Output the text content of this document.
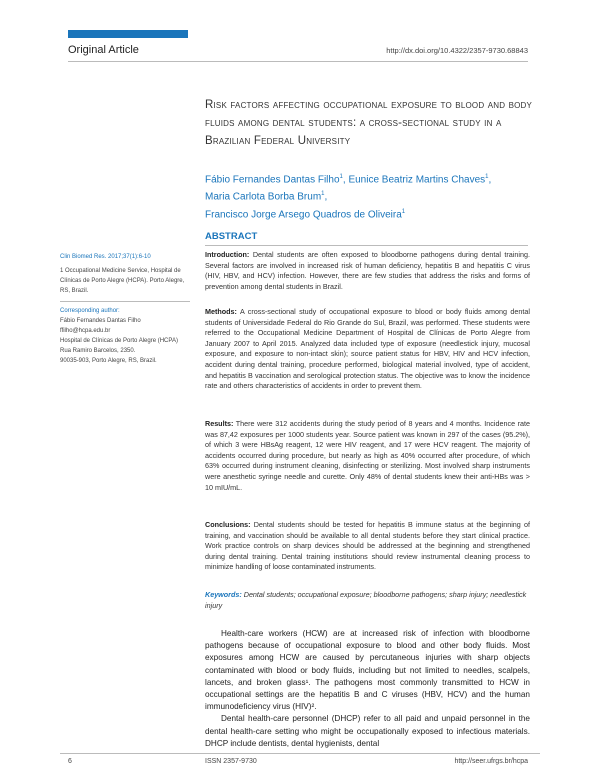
Original Article	http://dx.doi.org/10.4322/2357-9730.68843
Risk factors affecting occupational exposure to blood and body fluids among dental students: a cross-sectional study in a Brazilian Federal University
Fábio Fernandes Dantas Filho$^1$, Eunice Beatriz Martins Chaves$^1$,
Maria Carlota Borba Brum$^1$,
Francisco Jorge Arsego Quadros de Oliveira$^1$
Clin Biomed Res. 2017;37(1):6-10
1 Occupational Medicine Service, Hospital de Clínicas de Porto Alegre (HCPA). Porto Alegre, RS, Brazil.
Corresponding author:
Fábio Fernandes Dantas Filho
ffilho@hcpa.edu.br
Hospital de Clínicas de Porto Alegre (HCPA)
Rua Ramiro Barcelos, 2350.
90035-903, Porto Alegre, RS, Brazil.
ABSTRACT
Introduction: Dental students are often exposed to bloodborne pathogens during dental training. Several factors are involved in increased risk of human deficiency, hepatitis B and hepatitis C virus (HIV, HBV, and HCV) infection. However, there are few studies that address the risks and forms of prevention among dental students in Brazil.
Methods: A cross-sectional study of occupational exposure to blood or body fluids among dental students of Universidade Federal do Rio Grande do Sul, Brazil, was performed. These students were referred to the Occupational Medicine Department of Hospital de Clínicas de Porto Alegre from January 2007 to April 2015. Analyzed data included type of exposure (needlestick injury, mucosal exposure, and exposure to non-intact skin); source patient status for HBV, HIV and HCV infection, accident during dental training, procedure performed, biological material involved, type of accident, and hepatitis B vaccination and serological protection status. The objective was to know the incidence rate and others characteristics of accidents in order to prevent them.
Results: There were 312 accidents during the study period of 8 years and 4 months. Incidence rate was 87,42 exposures per 1000 students year. Source patient was known in 297 of the cases (95.2%), of which 3 were HBsAg reagent, 12 were HIV reagent, and 17 were HCV reagent. The majority of accidents occurred during procedure, but nearly as high as 40% occurred after procedure, of which 63% occurred during instrument cleaning, disinfecting or sterilizing. Most involved sharp instruments were anesthetic syringe needle and curette. Only 48% of dental students knew their anti-HBs was > 10 mIU/mL.
Conclusions: Dental students should be tested for hepatitis B immune status at the beginning of training, and vaccination should be available to all dental students before they start clinical practice. Work practice controls on sharp devices should be addressed at the beginning and strengthened during dental training. Dental training institutions should review instrumental cleaning process to minimize handling of loose contaminated instruments.
Keywords: Dental students; occupational exposure; bloodborne pathogens; sharp injury; needlestick injury

Health-care workers (HCW) are at increased risk of infection with bloodborne pathogens because of occupational exposure to blood and other body fluids. Most exposures among HCW are caused by percutaneous injuries with sharp objects contaminated with blood or body fluids, including but not limited to needles, scalpels, lancets, and broken glass¹. The pathogens most commonly transmitted to HCW in occupational settings are the hepatitis B and C viruses (HBV, HCV) and the human immunodeficiency virus (HIV)².

Dental health-care personnel (DHCP) refer to all paid and unpaid personnel in the dental health-care setting who might be occupationally exposed to infectious materials. DHCP include dentists, dental hygienists, dental

6	ISSN 2357-9730	http://seer.ufrgs.br/hcpa
